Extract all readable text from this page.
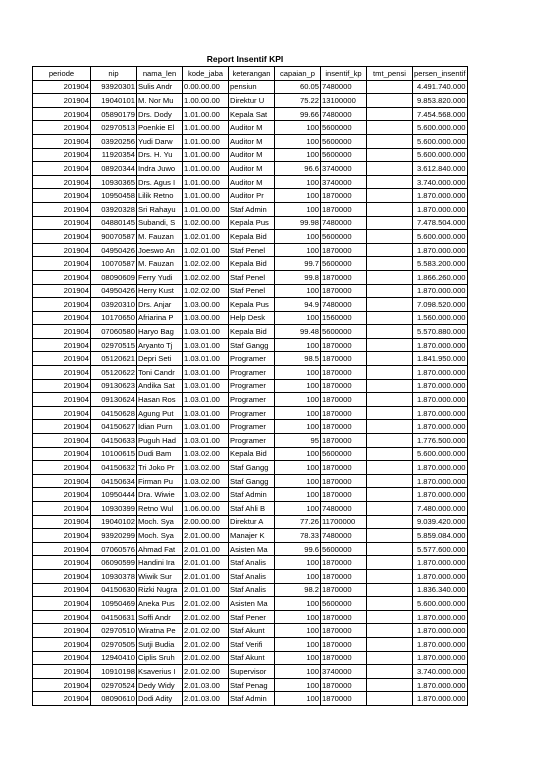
Report Insentif KPI
periode	nip	nama_len	kode_jaba	keterangan	capaian_p	insentif_kp	tmt_pensi	persen_insentif
201904	93920301	Sulis Andr	0.00.00.00	pensiun	60.05	7480000		4.491.740.000
201904	19040101	M. Nor Mu	1.00.00.00	Direktur U	75.22	13100000		9.853.820.000
201904	05890179	Drs. Dody	1.01.00.00	Kepala Sat	99.66	7480000		7.454.568.000
201904	02970513	Poenkie El	1.01.00.00	Auditor M	100	5600000		5.600.000.000
201904	03920256	Yudi Darw	1.01.00.00	Auditor M	100	5600000		5.600.000.000
201904	11920354	Drs. H. Yu	1.01.00.00	Auditor M	100	5600000		5.600.000.000
201904	08920344	Indra Juwo	1.01.00.00	Auditor M	96.6	3740000		3.612.840.000
201904	10930365	Drs. Agus I	1.01.00.00	Auditor M	100	3740000		3.740.000.000
201904	10950458	Lilik Retno	1.01.00.00	Auditor Pr	100	1870000		1.870.000.000
201904	03920328	Sri Rahayu	1.01.00.00	Staf Admin	100	1870000		1.870.000.000
201904	04880145	Subandi, S	1.02.00.00	Kepala Pus	99.98	7480000		7.478.504.000
201904	90070587	M. Fauzan	1.02.01.00	Kepala Bid	100	5600000		5.600.000.000
201904	04950426	Joeswo An	1.02.01.00	Staf Penel	100	1870000		1.870.000.000
201904	10070587	M. Fauzan	1.02.02.00	Kepala Bid	99.7	5600000		5.583.200.000
201904	08090609	Ferry Yudi	1.02.02.00	Staf Penel	99.8	1870000		1.866.260.000
201904	04950426	Herry Kust	1.02.02.00	Staf Penel	100	1870000		1.870.000.000
201904	03920310	Drs. Anjar	1.03.00.00	Kepala Pus	94.9	7480000		7.098.520.000
201904	10170650	Afriarina P	1.03.00.00	Help Desk	100	1560000		1.560.000.000
201904	07060580	Haryo Bag	1.03.01.00	Kepala Bid	99.48	5600000		5.570.880.000
201904	02970515	Aryanto Tj	1.03.01.00	Staf Gangg	100	1870000		1.870.000.000
201904	05120621	Depri Seti	1.03.01.00	Programer	98.5	1870000		1.841.950.000
201904	05120622	Toni Candr	1.03.01.00	Programer	100	1870000		1.870.000.000
201904	09130623	Andika Sat	1.03.01.00	Programer	100	1870000		1.870.000.000
201904	09130624	Hasan Ros	1.03.01.00	Programer	100	1870000		1.870.000.000
201904	04150628	Agung Put	1.03.01.00	Programer	100	1870000		1.870.000.000
201904	04150627	Idian Purn	1.03.01.00	Programer	100	1870000		1.870.000.000
201904	04150633	Puguh Had	1.03.01.00	Programer	95	1870000		1.776.500.000
201904	10100615	Dudi Bam	1.03.02.00	Kepala Bid	100	5600000		5.600.000.000
201904	04150632	Tri Joko Pr	1.03.02.00	Staf Gangg	100	1870000		1.870.000.000
201904	04150634	Firman Pu	1.03.02.00	Staf Gangg	100	1870000		1.870.000.000
201904	10950444	Dra. Wiwie	1.03.02.00	Staf Admin	100	1870000		1.870.000.000
201904	10930399	Retno Wul	1.06.00.00	Staf Ahli B	100	7480000		7.480.000.000
201904	19040102	Moch. Sya	2.00.00.00	Direktur A	77.26	11700000		9.039.420.000
201904	93920299	Moch. Sya	2.01.00.00	Manajer K	78.33	7480000		5.859.084.000
201904	07060576	Ahmad Fat	2.01.01.00	Asisten Ma	99.6	5600000		5.577.600.000
201904	06090599	Handini Ira	2.01.01.00	Staf Analis	100	1870000		1.870.000.000
201904	10930378	Wiwik Sur	2.01.01.00	Staf Analis	100	1870000		1.870.000.000
201904	04150630	Rizki Nugra	2.01.01.00	Staf Analis	98.2	1870000		1.836.340.000
201904	10950469	Aneka Pus	2.01.02.00	Asisten Ma	100	5600000		5.600.000.000
201904	04150631	Soffi Andr	2.01.02.00	Staf Pener	100	1870000		1.870.000.000
201904	02970510	Wiratna Pe	2.01.02.00	Staf Akunt	100	1870000		1.870.000.000
201904	02970505	Sutji Budia	2.01.02.00	Staf Verifi	100	1870000		1.870.000.000
201904	12940410	Ciplis Sruh	2.01.02.00	Staf Akunt	100	1870000		1.870.000.000
201904	10910198	Ksaverius I	2.01.02.00	Supervisor	100	3740000		3.740.000.000
201904	02970524	Dedy Widy	2.01.03.00	Staf Penag	100	1870000		1.870.000.000
201904	08090610	Dodi Adity	2.01.03.00	Staf Admin	100	1870000		1.870.000.000
